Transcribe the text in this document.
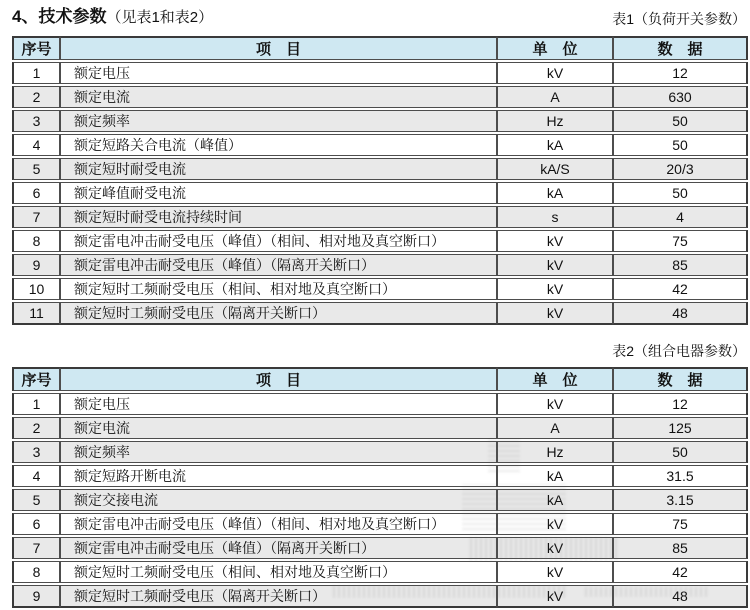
4、技术参数（见表1和表2）	表1（负荷开关参数）
序号	项　目	单　位	数　据
1	额定电压	kV	12
2	额定电流	A	630
3	额定频率	Hz	50
4	额定短路关合电流（峰值）	kA	50
5	额定短时耐受电流	kA/S	20/3
6	额定峰值耐受电流	kA	50
7	额定短时耐受电流持续时间	s	4
8	额定雷电冲击耐受电压（峰值）（相间、相对地及真空断口）	kV	75
9	额定雷电冲击耐受电压（峰值）（隔离开关断口）	kV	85
10	额定短时工频耐受电压（相间、相对地及真空断口）	kV	42
11	额定短时工频耐受电压（隔离开关断口）	kV	48
表2（组合电器参数）
序号	项　目	单　位	数　据
1	额定电压	kV	12
2	额定电流	A	125
3	额定频率	Hz	50
4	额定短路开断电流	kA	31.5
5	额定交接电流	kA	3.15
6	额定雷电冲击耐受电压（峰值）（相间、相对地及真空断口）	kV	75
7	额定雷电冲击耐受电压（峰值）（隔离开关断口）	kV	85
8	额定短时工频耐受电压（相间、相对地及真空断口）	kV	42
9	额定短时工频耐受电压（隔离开关断口）	kV	48
